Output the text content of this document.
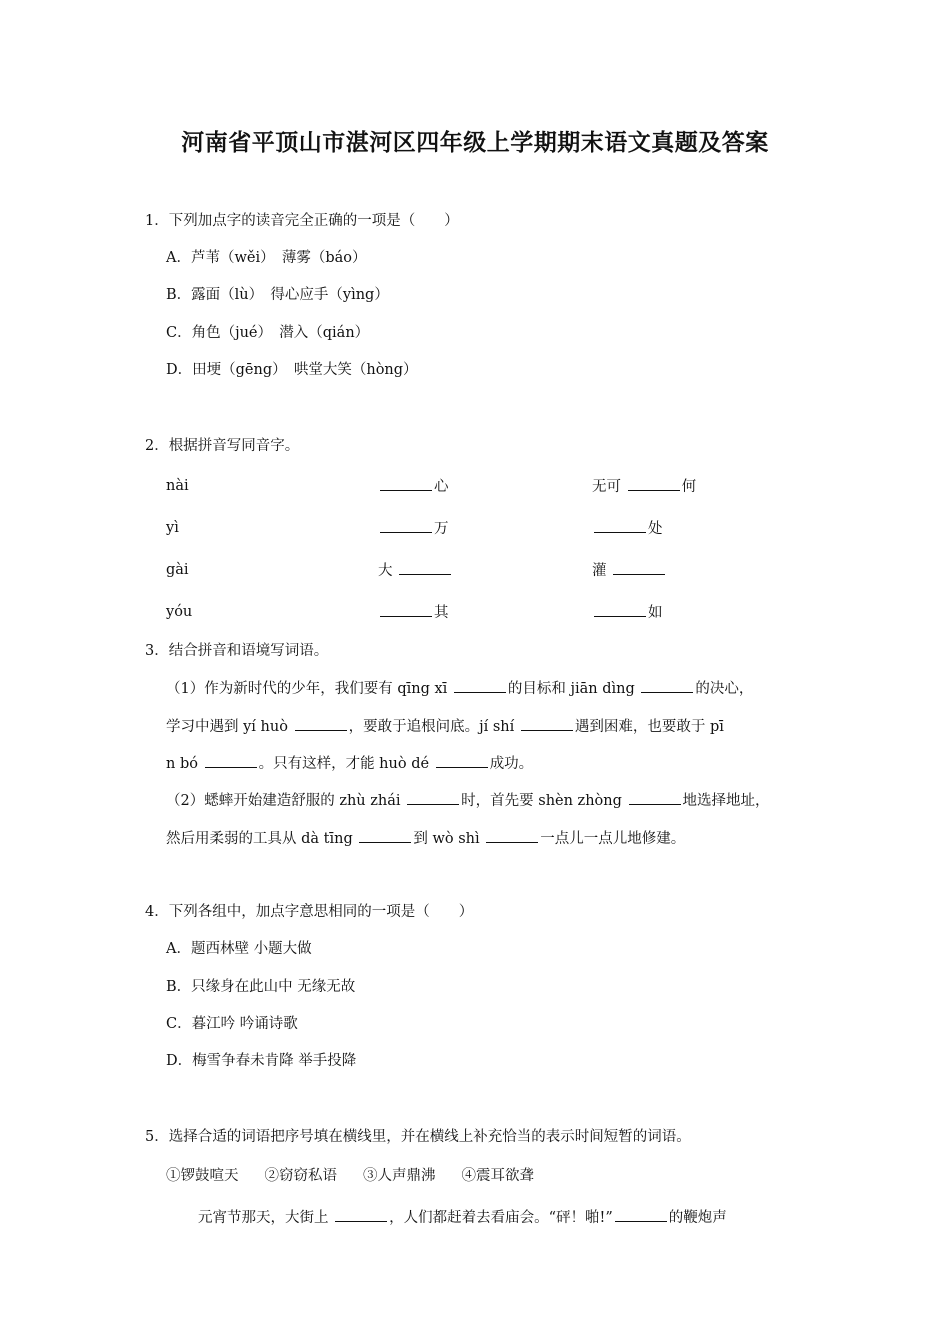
河南省平顶山市湛河区四年级上学期期末语文真题及答案
1．下列加点字的读音完全正确的一项是（　　）
A．芦苇（wěi）　薄雾（báo）
B．露面（lù）　得心应手（yìng）
C．角色（jué）　潜入（qián）
D．田埂（gēng）　哄堂大笑（hòng）
2．根据拼音写同音字。
nài	心	无可	何
yì	万	处
gài	大	灌
yóu	其	如
3．结合拼音和语境写词语。
（1）作为新时代的少年，我们要有 qīng xī	的目标和 jiān dìng	的决心，
学习中遇到 yí huò	，要敢于追根问底。jí shí	遇到困难，也要敢于 pī
n bó	。只有这样，才能 huò dé	成功。
（2）蟋蟀开始建造舒服的 zhù zhái	时，首先要 shèn zhòng	地选择地址，
然后用柔弱的工具从 dà tīng	到 wò shì	一点儿一点儿地修建。
4．下列各组中，加点字意思相同的一项是（　　）
A．题西林壁 小题大做
B．只缘身在此山中 无缘无故
C．暮江吟 吟诵诗歌
D．梅雪争春未肯降 举手投降
5．选择合适的词语把序号填在横线里，并在横线上补充恰当的表示时间短暂的词语。
①锣鼓喧天 ②窃窃私语 ③人声鼎沸 ④震耳欲聋
元宵节那天，大街上	，人们都赶着去看庙会。“砰！啪!”	的鞭炮声
